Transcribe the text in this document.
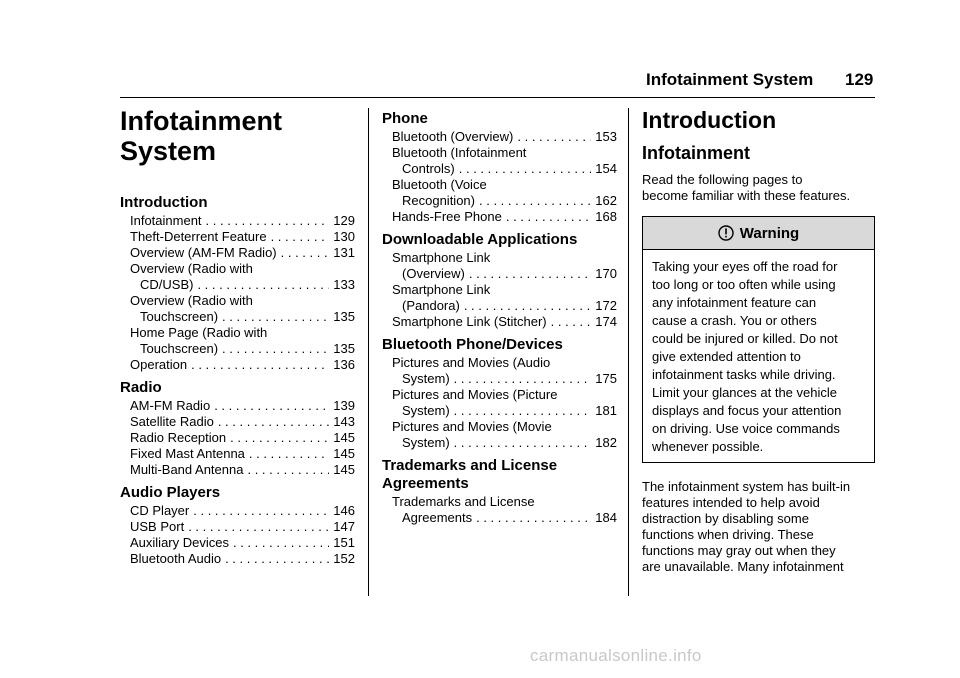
Infotainment System 129
Infotainment
System
Introduction
Infotainment . . .	129
Theft-Deterrent Feature . . .	130
Overview (AM-FM Radio) . . .	131
Overview (Radio with
CD/USB) . . .	133
Overview (Radio with
Touchscreen) . . .	135
Home Page (Radio with
Touchscreen) . . .	135
Operation . . .	136
Radio
AM-FM Radio . . .	139
Satellite Radio . . .	143
Radio Reception . . .	145
Fixed Mast Antenna . . .	145
Multi-Band Antenna . . .	145
Audio Players
CD Player . . .	146
USB Port . . .	147
Auxiliary Devices . . .	151
Bluetooth Audio . . .	152
Phone
Bluetooth (Overview) . . .	153
Bluetooth (Infotainment
Controls) . . .	154
Bluetooth (Voice
Recognition) . . .	162
Hands-Free Phone . . .	168
Downloadable Applications
Smartphone Link
(Overview) . . .	170
Smartphone Link
(Pandora) . . .	172
Smartphone Link (Stitcher) . . .	174
Bluetooth Phone/Devices
Pictures and Movies (Audio
System) . . .	175
Pictures and Movies (Picture
System) . . .	181
Pictures and Movies (Movie
System) . . .	182
Trademarks and License
Agreements
Trademarks and License
Agreements . . .	184
Introduction
Infotainment
Read the following pages to
become familiar with these features.
Warning
Taking your eyes off the road for
too long or too often while using
any infotainment feature can
cause a crash. You or others
could be injured or killed. Do not
give extended attention to
infotainment tasks while driving.
Limit your glances at the vehicle
displays and focus your attention
on driving. Use voice commands
whenever possible.
The infotainment system has built-in
features intended to help avoid
distraction by disabling some
functions when driving. These
functions may gray out when they
are unavailable. Many infotainment
carmanualsonline.info
